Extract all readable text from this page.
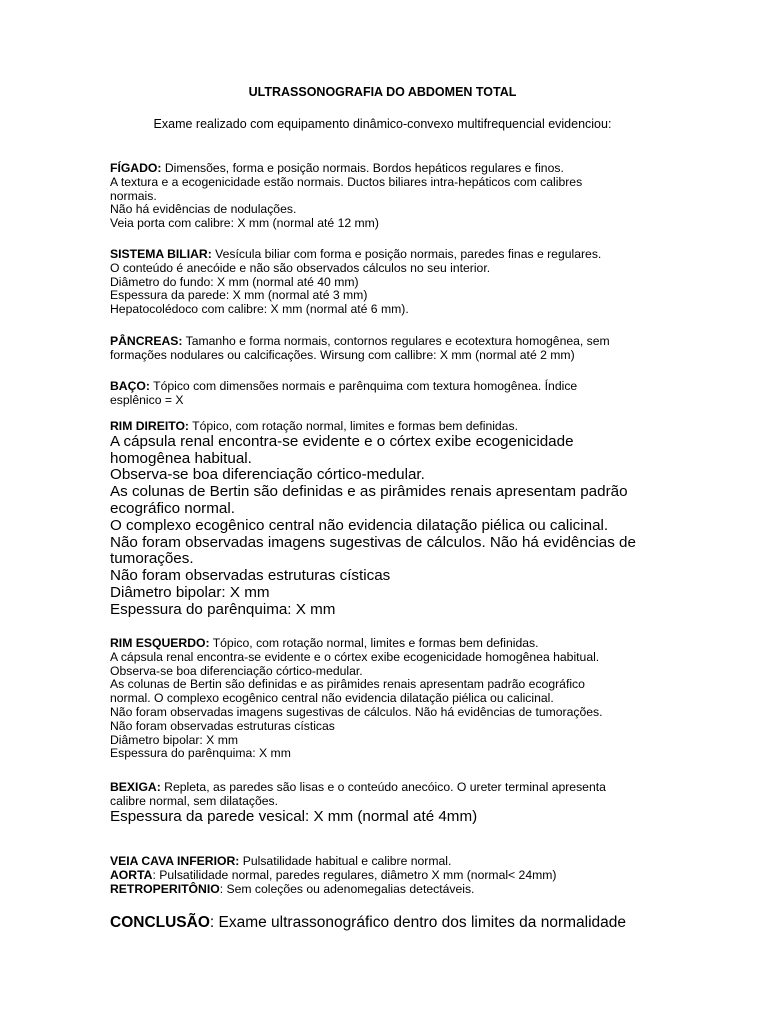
ULTRASSONOGRAFIA DO ABDOMEN TOTAL
Exame realizado com equipamento dinâmico-convexo multifrequencial evidenciou:

FÍGADO: Dimensões, forma e posição normais. Bordos hepáticos regulares e finos.

A textura e a ecogenicidade estão normais. Ductos biliares intra-hepáticos com calibres

normais.

Não há evidências de nodulações.

Veia porta com calibre: X mm (normal até 12 mm)

SISTEMA BILIAR: Vesícula biliar com forma e posição normais, paredes finas e regulares.

O conteúdo é anecóide e não são observados cálculos no seu interior.

Diâmetro do fundo: X mm (normal até 40 mm)

Espessura da parede: X mm (normal até 3 mm)

Hepatocolédoco com calibre: X mm (normal até 6 mm).

PÂNCREAS: Tamanho e forma normais, contornos regulares e ecotextura homogênea, sem

formações nodulares ou calcificações. Wirsung com callibre: X mm (normal até 2 mm)

BAÇO: Tópico com dimensões normais e parênquima com textura homogênea. Índice

esplênico = X

RIM DIREITO: Tópico, com rotação normal, limites e formas bem definidas.

A cápsula renal encontra-se evidente e o córtex exibe ecogenicidade

homogênea habitual.

Observa-se boa diferenciação córtico-medular.

As colunas de Bertin são definidas e as pirâmides renais apresentam padrão

ecográfico normal.

O complexo ecogênico central não evidencia dilatação piélica ou calicinal.

Não foram observadas imagens sugestivas de cálculos. Não há evidências de

tumorações.

Não foram observadas estruturas císticas

Diâmetro bipolar: X mm

Espessura do parênquima: X mm

RIM ESQUERDO: Tópico, com rotação normal, limites e formas bem definidas.

A cápsula renal encontra-se evidente e o córtex exibe ecogenicidade homogênea habitual.

Observa-se boa diferenciação córtico-medular.

As colunas de Bertin são definidas e as pirâmides renais apresentam padrão ecográfico

normal. O complexo ecogênico central não evidencia dilatação piélica ou calicinal.

Não foram observadas imagens sugestivas de cálculos. Não há evidências de tumorações.

Não foram observadas estruturas císticas

Diâmetro bipolar: X mm

Espessura do parênquima: X mm

BEXIGA: Repleta, as paredes são lisas e o conteúdo anecóico. O ureter terminal apresenta

calibre normal, sem dilatações.

Espessura da parede vesical: X mm (normal até 4mm)

VEIA CAVA INFERIOR: Pulsatilidade habitual e calibre normal.

AORTA: Pulsatilidade normal, paredes regulares, diâmetro X mm (normal< 24mm)

RETROPERITÔNIO: Sem coleções ou adenomegalias detectáveis.

CONCLUSÃO: Exame ultrassonográfico dentro dos limites da normalidade
